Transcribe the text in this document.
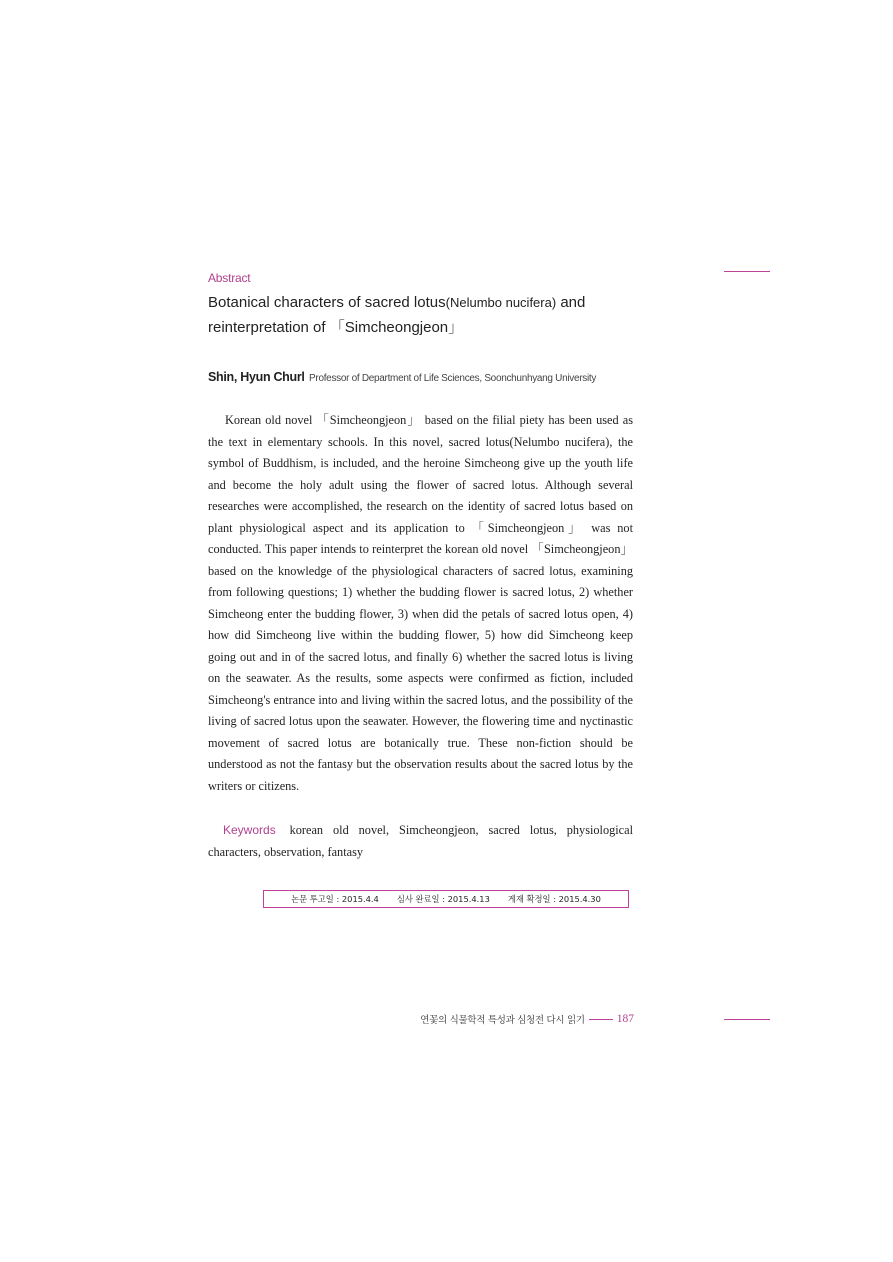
Abstract
Botanical characters of sacred lotus(Nelumbo nucifera) and
reinterpretation of 「Simcheongjeon」
Shin, Hyun Churl Professor of Department of Life Sciences, Soonchunhyang University

Korean old novel 「Simcheongjeon」 based on the filial piety has been used as the text in elementary schools. In this novel, sacred lotus(Nelumbo nucifera), the symbol of Buddhism, is included, and the heroine Simcheong give up the youth life and become the holy adult using the flower of sacred lotus. Although several researches were accomplished, the research on the identity of sacred lotus based on plant physiological aspect and its application to 「Simcheongjeon」 was not conducted. This paper intends to reinterpret the korean old novel 「Simcheongjeon」 based on the knowledge of the physiological characters of sacred lotus, examining from following questions; 1) whether the budding flower is sacred lotus, 2) whether Simcheong enter the budding flower, 3) when did the petals of sacred lotus open, 4) how did Simcheong live within the budding flower, 5) how did Simcheong keep going out and in of the sacred lotus, and finally 6) whether the sacred lotus is living on the seawater. As the results, some aspects were confirmed as fiction, included Simcheong's entrance into and living within the sacred lotus, and the possibility of the living of sacred lotus upon the seawater. However, the flowering time and nyctinastic movement of sacred lotus are botanically true. These non-fiction should be understood as not the fantasy but the observation results about the sacred lotus by the writers or citizens.

Keywords korean old novel, Simcheongjeon, sacred lotus, physiological characters, observation, fantasy

논문 투고일 : 2015.4.4 심사 완료일 : 2015.4.13 게재 확정일 : 2015.4.30
연꽃의 식물학적 특성과 심청전 다시 읽기	187
